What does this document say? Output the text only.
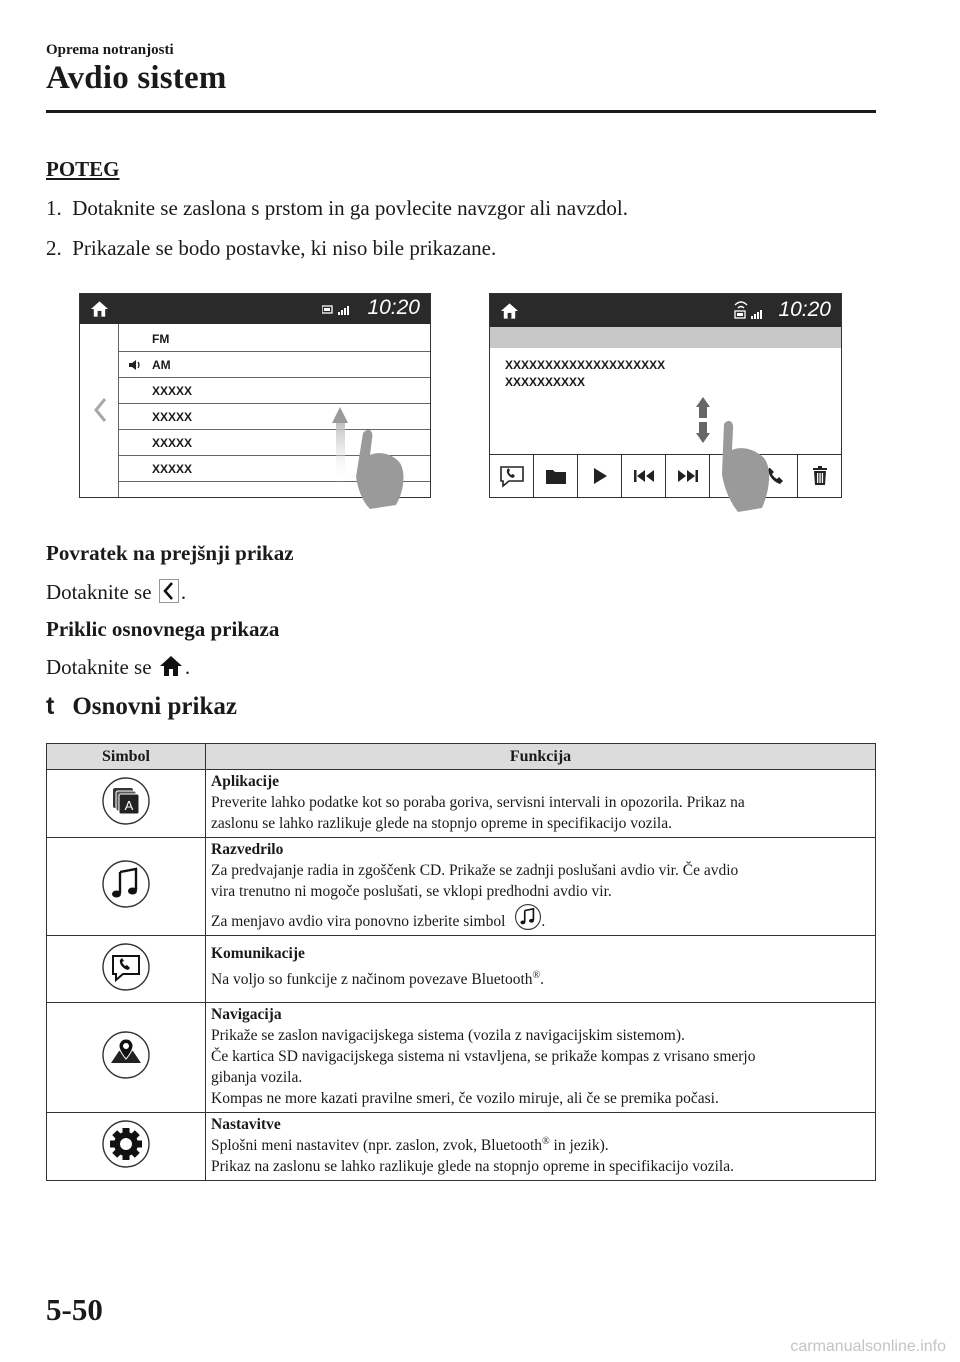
Oprema notranjosti
Avdio sistem
POTEG
1. Dotaknite se zaslona s prstom in ga povlecite navzgor ali navzdol.
2. Prikazale se bodo postavke, ki niso bile prikazane.
10:20
FM
AM
XXXXX
XXXXX
XXXXX
XXXXX
10:20
XXXXXXXXXXXXXXXXXXXX
XXXXXXXXXX
Povratek na prejšnji prikaz
Dotaknite se .
Priklic osnovnega prikaza
Dotaknite se .
t Osnovni prikaz
Simbol	Funkcija

A	Aplikacije
Preverite lahko podatke kot so poraba goriva, servisni intervali in opozorila. Prikaz na
zaslonu se lahko razlikuje glede na stopnjo opreme in specifikacijo vozila.

Razvedrilo
Za predvajanje radia in zgoščenk CD. Prikaže se zadnji poslušani avdio vir. Če avdio
vira trenutno ni mogoče poslušati, se vklopi predhodni avdio vir.
Za menjavo avdio vira ponovno izberite simbol .

Komunikacije
Na voljo so funkcije z načinom povezave Bluetooth®.

NAV	Navigacija
Prikaže se zaslon navigacijskega sistema (vozila z navigacijskim sistemom).
Če kartica SD navigacijskega sistema ni vstavljena, se prikaže kompas z vrisano smerjo
gibanja vozila.
Kompas ne more kazati pravilne smeri, če vozilo miruje, ali če se premika počasi.

Nastavitve
Splošni meni nastavitev (npr. zaslon, zvok, Bluetooth® in jezik).
Prikaz na zaslonu se lahko razlikuje glede na stopnjo opreme in specifikacijo vozila.
5-50
carmanualsonline.info
